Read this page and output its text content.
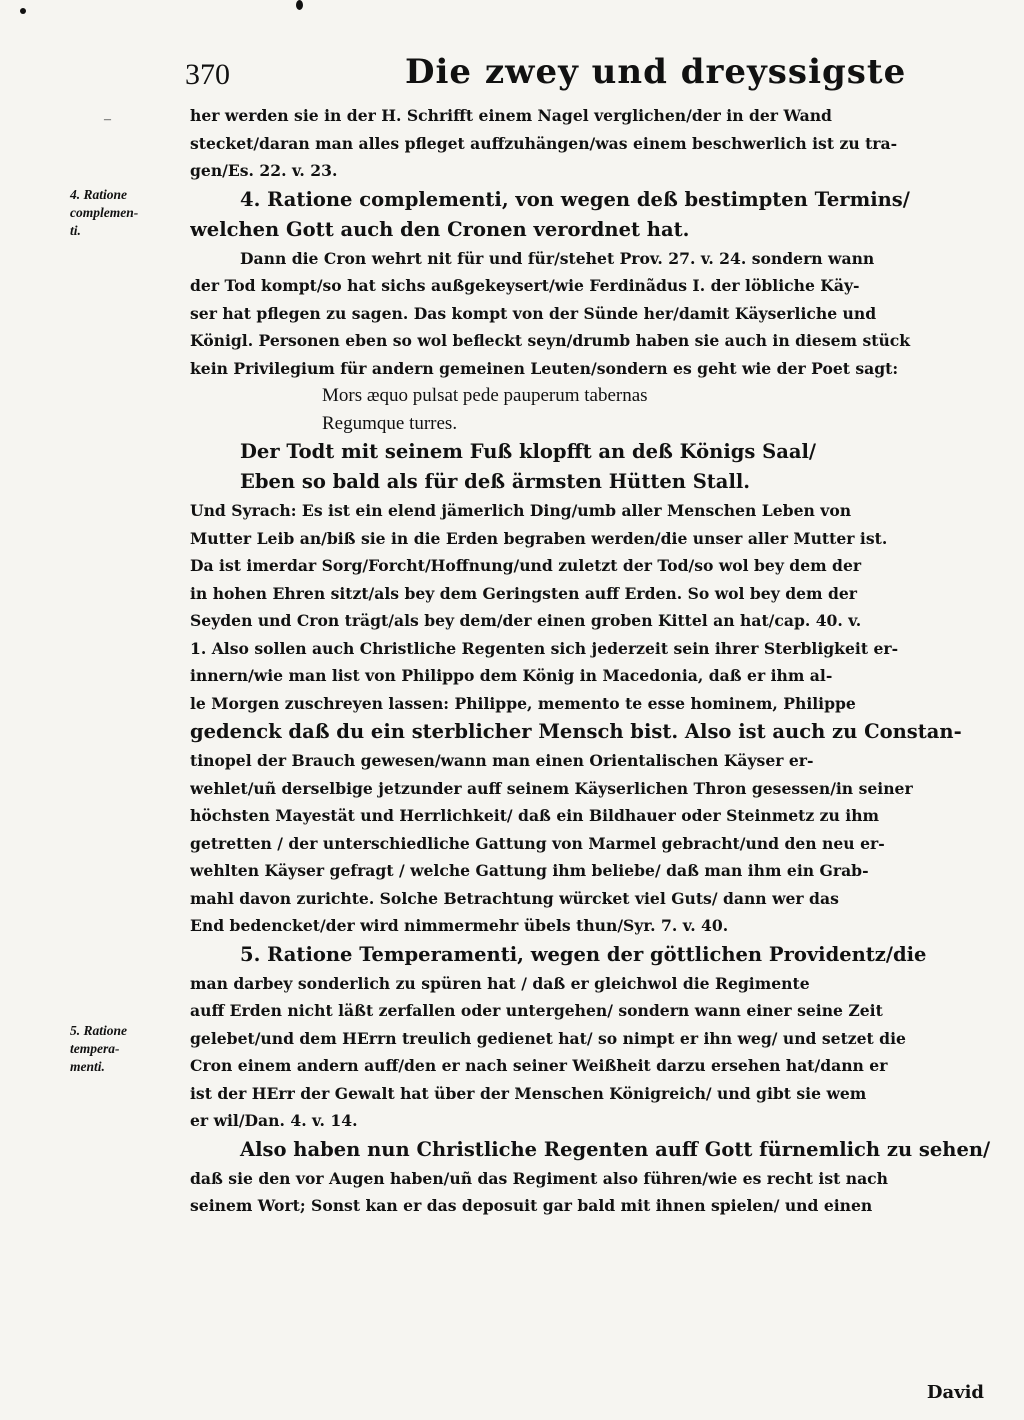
–
370	Die zwey und dreyssigste
4. Ratione
complemen-
ti.
5. Ratione
tempera-
menti.
her werden sie in der H. Schrifft einem Nagel verglichen/der in der Wand
stecket/daran man alles pfleget auffzuhängen/was einem beschwerlich ist zu tra-
gen/Es. 22. v. 23.
4. Ratione complementi, von wegen deß bestimpten Termins/
welchen Gott auch den Cronen verordnet hat.
Dann die Cron wehrt nit für und für/stehet Prov. 27. v. 24. sondern wann
der Tod kompt/so hat sichs außgekeysert/wie Ferdinãdus I. der löbliche Käy-
ser hat pflegen zu sagen. Das kompt von der Sünde her/damit Käyserliche und
Königl. Personen eben so wol befleckt seyn/drumb haben sie auch in diesem stück
kein Privilegium für andern gemeinen Leuten/sondern es geht wie der Poet sagt:
Mors æquo pulsat pede pauperum tabernas
Regumque turres.
Der Todt mit seinem Fuß klopfft an deß Königs Saal/
Eben so bald als für deß ärmsten Hütten Stall.
Und Syrach: Es ist ein elend jämerlich Ding/umb aller Menschen Leben von
Mutter Leib an/biß sie in die Erden begraben werden/die unser aller Mutter ist.
Da ist imerdar Sorg/Forcht/Hoffnung/und zuletzt der Tod/so wol bey dem der
in hohen Ehren sitzt/als bey dem Geringsten auff Erden. So wol bey dem der
Seyden und Cron trägt/als bey dem/der einen groben Kittel an hat/cap. 40. v.
1. Also sollen auch Christliche Regenten sich jederzeit sein ihrer Sterbligkeit er-
innern/wie man list von Philippo dem König in Macedonia, daß er ihm al-
le Morgen zuschreyen lassen: Philippe, memento te esse hominem, Philippe
gedenck daß du ein sterblicher Mensch bist. Also ist auch zu Constan-
tinopel der Brauch gewesen/wann man einen Orientalischen Käyser er-
wehlet/uñ derselbige jetzunder auff seinem Käyserlichen Thron gesessen/in seiner
höchsten Mayestät und Herrlichkeit/ daß ein Bildhauer oder Steinmetz zu ihm
getretten / der unterschiedliche Gattung von Marmel gebracht/und den neu er-
wehlten Käyser gefragt / welche Gattung ihm beliebe/ daß man ihm ein Grab-
mahl davon zurichte. Solche Betrachtung würcket viel Guts/ dann wer das
End bedencket/der wird nimmermehr übels thun/Syr. 7. v. 40.
5. Ratione Temperamenti, wegen der göttlichen Providentz/die
man darbey sonderlich zu spüren hat / daß er gleichwol die Regimente
auff Erden nicht läßt zerfallen oder untergehen/ sondern wann einer seine Zeit
gelebet/und dem HErrn treulich gedienet hat/ so nimpt er ihn weg/ und setzet die
Cron einem andern auff/den er nach seiner Weißheit darzu ersehen hat/dann er
ist der HErr der Gewalt hat über der Menschen Königreich/ und gibt sie wem
er wil/Dan. 4. v. 14.
Also haben nun Christliche Regenten auff Gott fürnemlich zu sehen/
daß sie den vor Augen haben/uñ das Regiment also führen/wie es recht ist nach
seinem Wort; Sonst kan er das deposuit gar bald mit ihnen spielen/ und einen
David
